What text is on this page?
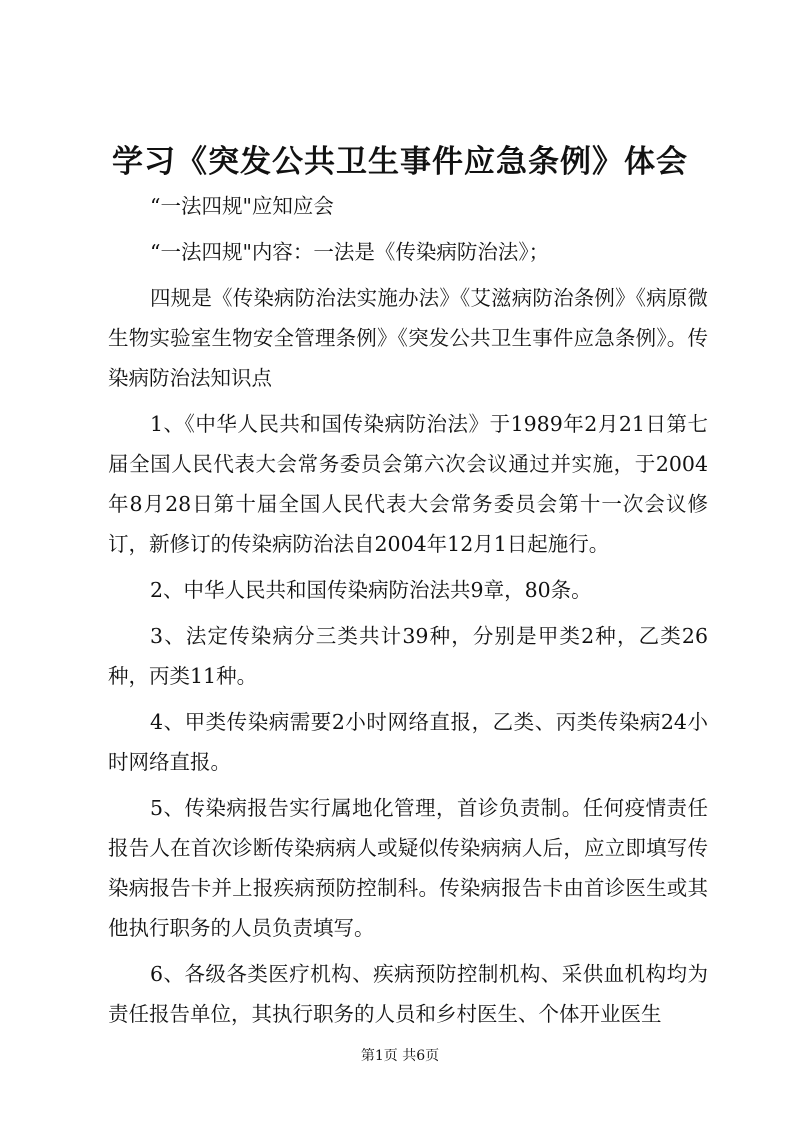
学习《突发公共卫生事件应急条例》体会

“一法四规"应知应会

“一法四规"内容：一法是《传染病防治法》；

四规是《传染病防治法实施办法》《艾滋病防治条例》《病原微生物实验室生物安全管理条例》《突发公共卫生事件应急条例》。传染病防治法知识点

1、《中华人民共和国传染病防治法》于1989年2月21日第七届全国人民代表大会常务委员会第六次会议通过并实施，于2004年8月28日第十届全国人民代表大会常务委员会第十一次会议修订，新修订的传染病防治法自2004年12月1日起施行。

2、中华人民共和国传染病防治法共9章，80条。

3、法定传染病分三类共计39种，分别是甲类2种，乙类26种，丙类11种。

4、甲类传染病需要2小时网络直报，乙类、丙类传染病24小时网络直报。

5、传染病报告实行属地化管理，首诊负责制。任何疫情责任报告人在首次诊断传染病病人或疑似传染病病人后，应立即填写传染病报告卡并上报疾病预防控制科。传染病报告卡由首诊医生或其他执行职务的人员负责填写。

6、各级各类医疗机构、疾病预防控制机构、采供血机构均为责任报告单位，其执行职务的人员和乡村医生、个体开业医生

第1页 共6页
